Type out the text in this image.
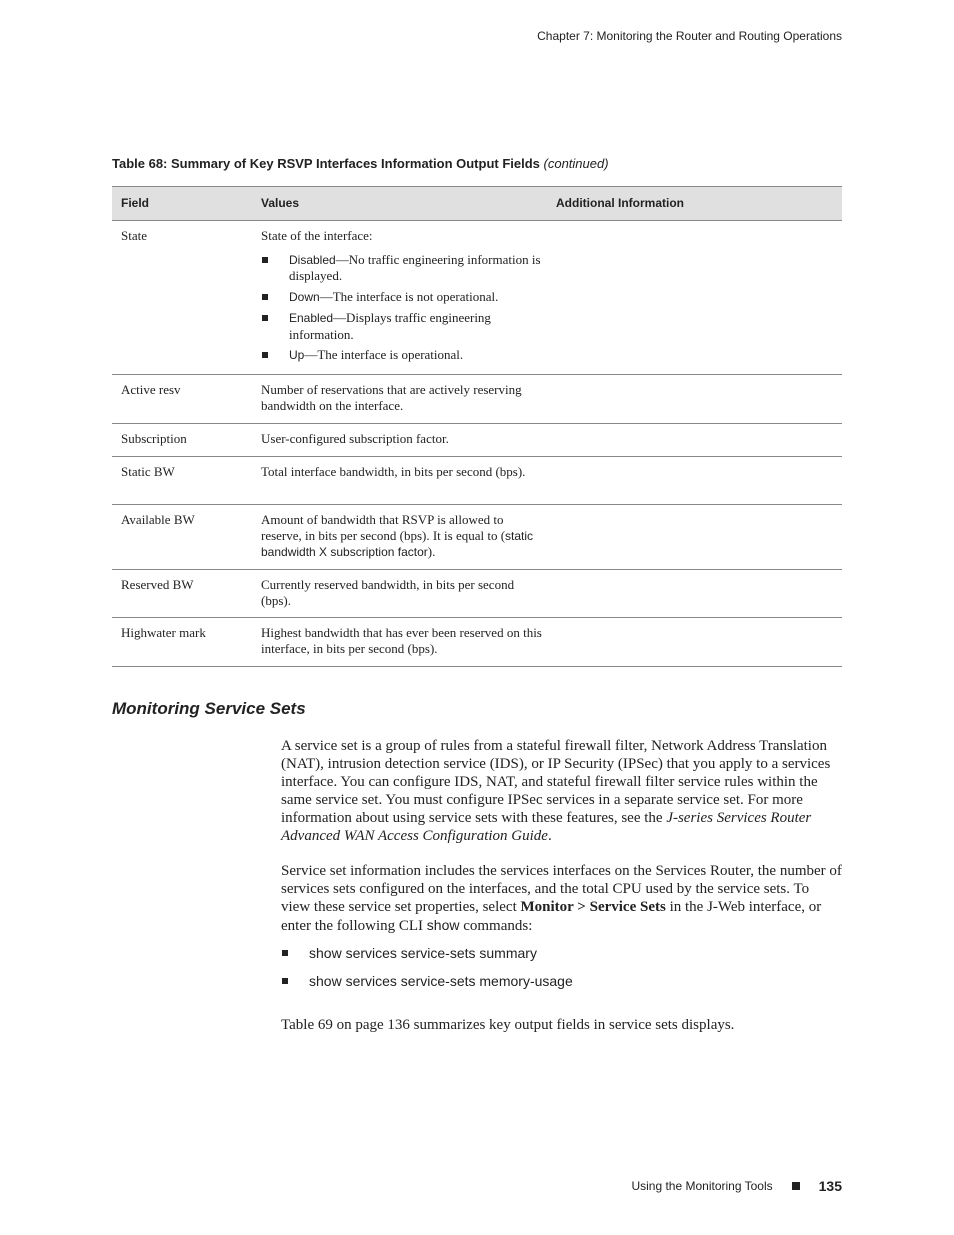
Chapter 7: Monitoring the Router and Routing Operations
Table 68: Summary of Key RSVP Interfaces Information Output Fields (continued)
Field	Values	Additional Information
State	State of the interface:
Disabled—No traffic engineering information is displayed.
Down—The interface is not operational.
Enabled—Displays traffic engineering information.
Up—The interface is operational.
Active resv	Number of reservations that are actively reserving bandwidth on the interface.
Subscription	User-configured subscription factor.
Static BW	Total interface bandwidth, in bits per second (bps).
Available BW	Amount of bandwidth that RSVP is allowed to reserve, in bits per second (bps). It is equal to (static bandwidth X subscription factor).
Reserved BW	Currently reserved bandwidth, in bits per second (bps).
Highwater mark	Highest bandwidth that has ever been reserved on this interface, in bits per second (bps).
Monitoring Service Sets
A service set is a group of rules from a stateful firewall filter, Network Address Translation (NAT), intrusion detection service (IDS), or IP Security (IPSec) that you apply to a services interface. You can configure IDS, NAT, and stateful firewall filter service rules within the same service set. You must configure IPSec services in a separate service set. For more information about using service sets with these features, see the J-series Services Router Advanced WAN Access Configuration Guide.
Service set information includes the services interfaces on the Services Router, the number of services sets configured on the interfaces, and the total CPU used by the service sets. To view these service set properties, select Monitor > Service Sets in the J-Web interface, or enter the following CLI show commands:
show services service-sets summary
show services service-sets memory-usage
Table 69 on page 136 summarizes key output fields in service sets displays.
Using the Monitoring Tools	135
